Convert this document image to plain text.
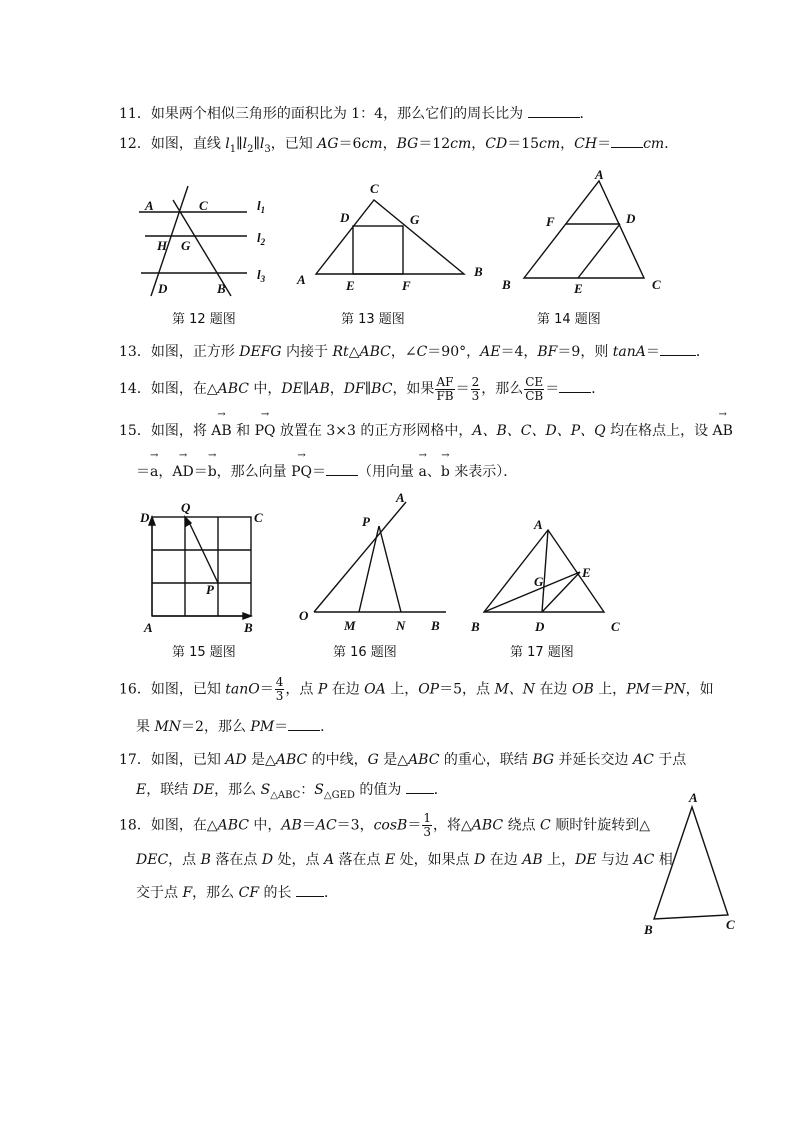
11．如果两个相似三角形的面积比为 1：4，那么它们的周长比为	．
12．如图，直线 $l_1\parallel l_2\parallel l_3$，已知 AG＝6cm，BG＝12cm，CD＝15cm，CH＝ cm．
A	C	$l_1$
H G
$l_2$
$l_3$
D	B
第 12 题图
C
D	G
A	E	F
B
第 13 题图
A
F	D
B	E	C
第 14 题图
13．如图，正方形 DEFG 内接于 Rt△ABC，∠C＝90°，AE＝4，BF＝9，则 tanA＝	．
14．如图，在△ABC 中，DE∥AB，DF∥BC，如果 $\frac{AF}{FB} = \frac{2}{3}$ ，那么 $\frac{CE}{CB}$ ＝ ．
15．如图，将 → AB 和 → PQ 放置在 3×3 的正方形网格中，A、B、C、D、P、Q 均在格点上，设 → AB
＝→ a，→ AD＝→ b，那么向量 → PQ＝ （用向量 → a、→ b 来表示）．
D
Q
C
P
A	B
第 15 题图
A
P
O
M	N B
第 16 题图
A
G
E
B	D	C
第 17 题图
16．如图，已知 $\tan O= \frac{4}{3}$ ，点 P 在边 OA 上，OP＝5，点 M、N 在边 OB 上，PM＝PN，如
果 MN＝2，那么 PM＝ ．
17．如图，已知 AD 是△ABC 的中线，G 是△ABC 的重心，联结 BG 并延长交边 AC 于点
E，联结 DE，那么 $S_{\triangle ABC}$：$S_{\triangle GED}$ 的值为 ．
18．如图，在△ABC 中，AB＝AC＝3，$\cos B= \frac{1}{3}$ ，将△ABC 绕点 C 顺时针旋转到△
DEC，点 B 落在点 D 处，点 A 落在点 E 处，如果点 D 在边 AB 上，DE 与边 AC 相
交于点 F，那么 CF 的长 ．
A
B	C
